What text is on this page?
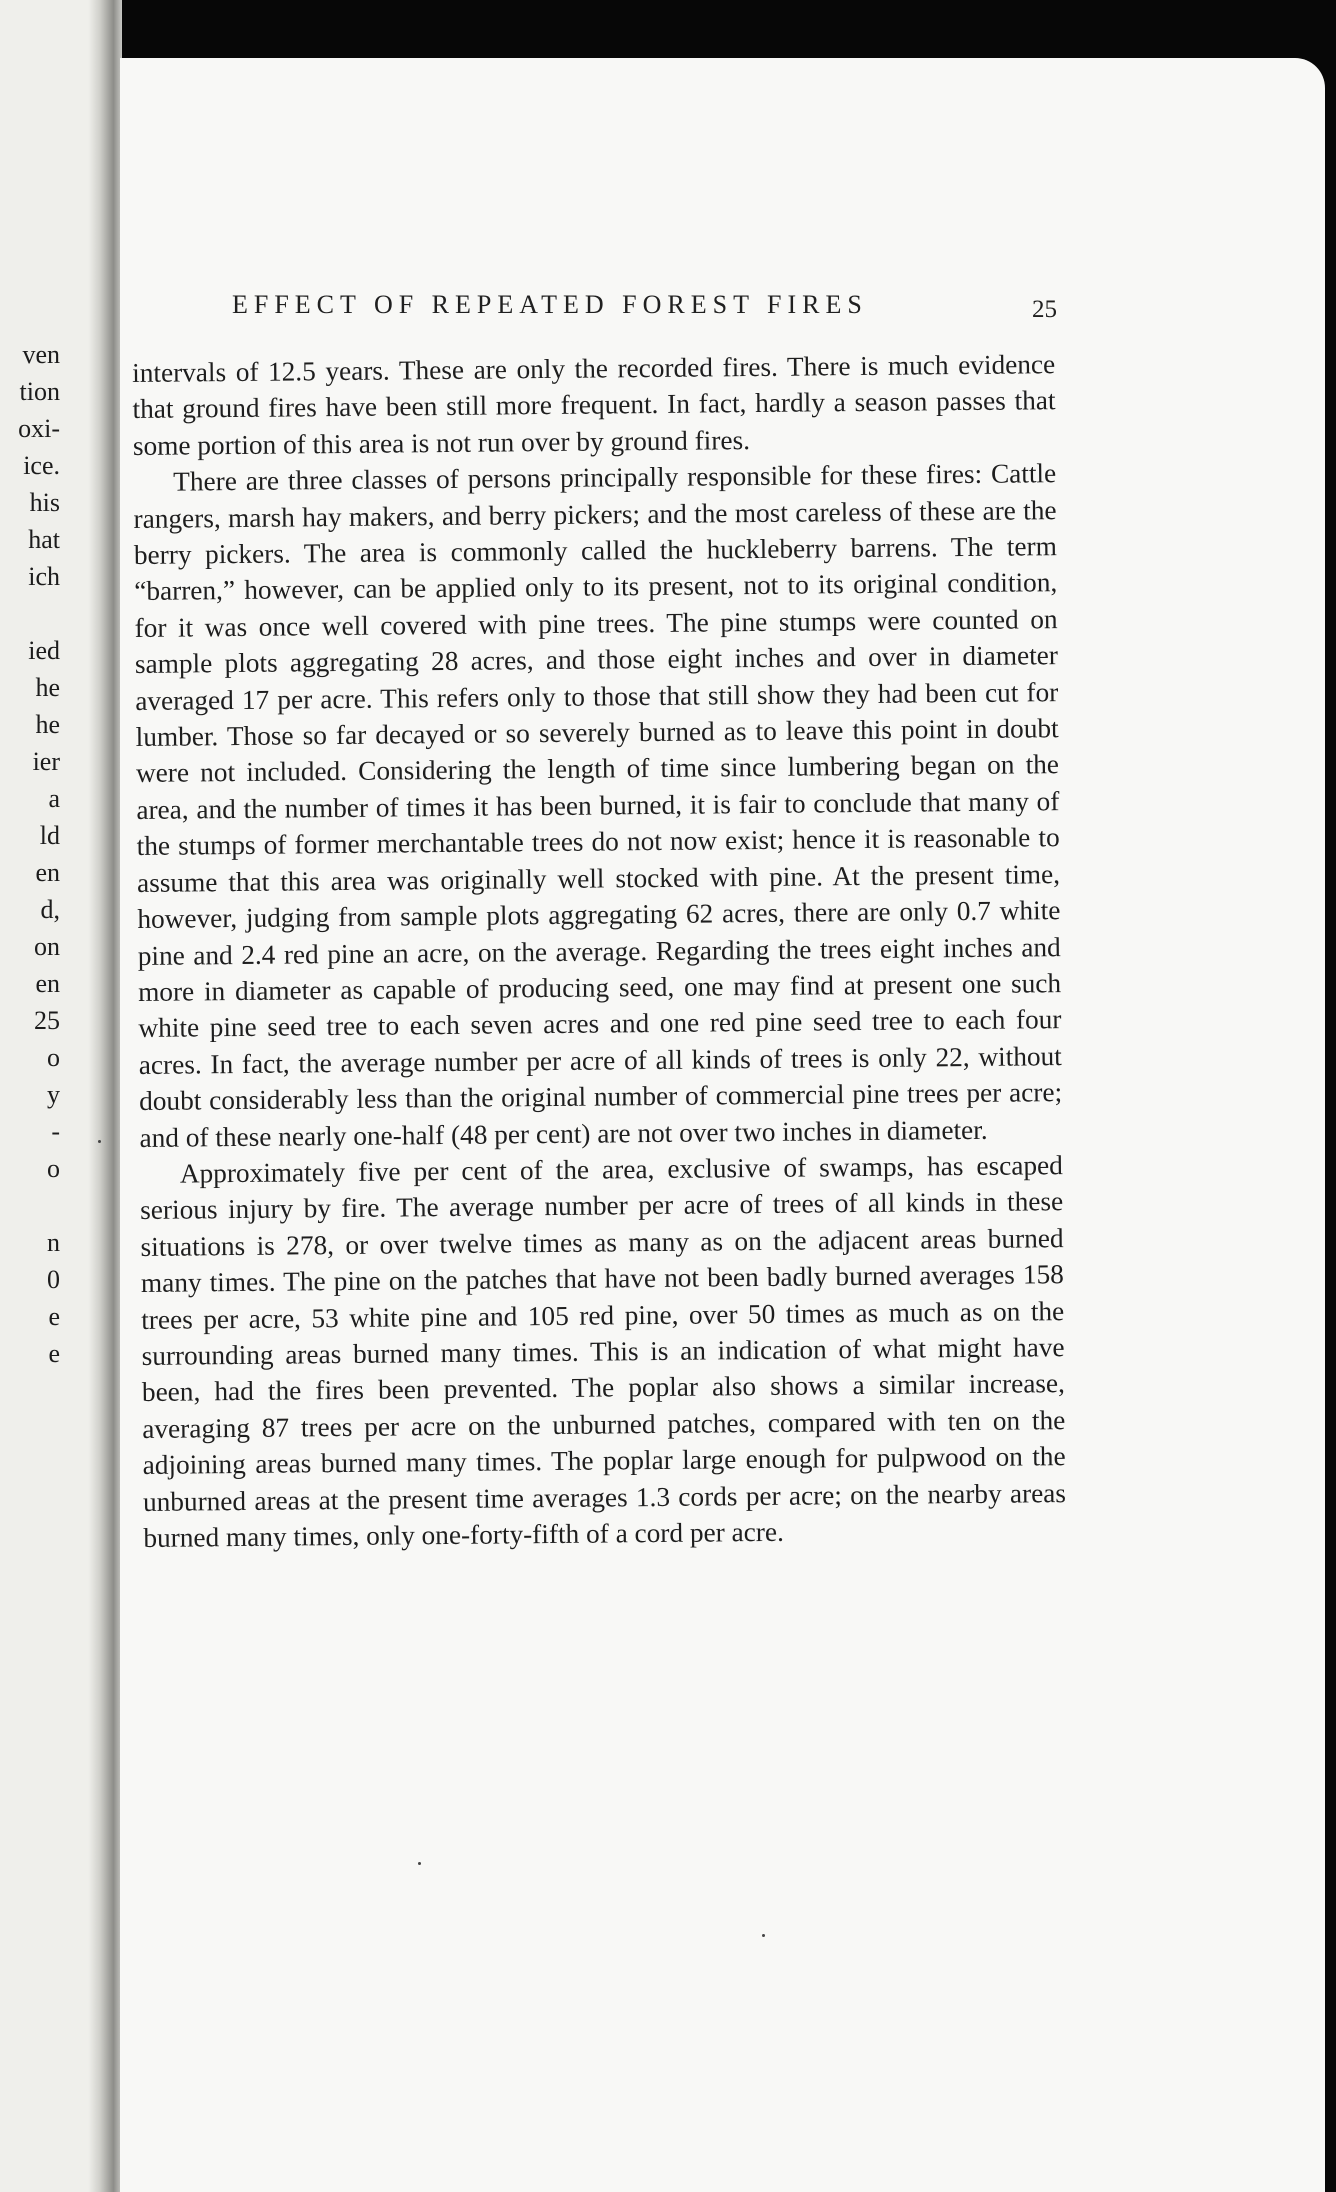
ven
tion
oxi-
ice.
his
hat
ich
ied
he
he
ier
a
ld
en
d,
on
en
25
o
y
-
o
n
0
e
e
EFFECT OF REPEATED FOREST FIRES	25

intervals of 12.5 years. These are only the recorded fires. There is much evidence that ground fires have been still more frequent. In fact, hardly a season passes that some portion of this area is not run over by ground fires.

There are three classes of persons principally responsible for these fires: Cattle rangers, marsh hay makers, and berry pickers; and the most careless of these are the berry pickers. The area is commonly called the huckleberry barrens. The term “barren,” however, can be applied only to its present, not to its original condition, for it was once well covered with pine trees. The pine stumps were counted on sample plots aggregating 28 acres, and those eight inches and over in diameter averaged 17 per acre. This refers only to those that still show they had been cut for lumber. Those so far decayed or so severely burned as to leave this point in doubt were not included. Considering the length of time since lumbering began on the area, and the number of times it has been burned, it is fair to conclude that many of the stumps of former merchantable trees do not now exist; hence it is reasonable to assume that this area was originally well stocked with pine. At the present time, however, judging from sample plots aggregating 62 acres, there are only 0.7 white pine and 2.4 red pine an acre, on the average. Regarding the trees eight inches and more in diameter as capable of producing seed, one may find at present one such white pine seed tree to each seven acres and one red pine seed tree to each four acres. In fact, the average number per acre of all kinds of trees is only 22, without doubt considerably less than the original number of commercial pine trees per acre; and of these nearly one-half (48 per cent) are not over two inches in diameter.

Approximately five per cent of the area, exclusive of swamps, has escaped serious injury by fire. The average number per acre of trees of all kinds in these situations is 278, or over twelve times as many as on the adjacent areas burned many times. The pine on the patches that have not been badly burned averages 158 trees per acre, 53 white pine and 105 red pine, over 50 times as much as on the surrounding areas burned many times. This is an indication of what might have been, had the fires been prevented. The poplar also shows a similar increase, averaging 87 trees per acre on the unburned patches, compared with ten on the adjoining areas burned many times. The poplar large enough for pulpwood on the unburned areas at the present time averages 1.3 cords per acre; on the nearby areas burned many times, only one-forty-fifth of a cord per acre.
